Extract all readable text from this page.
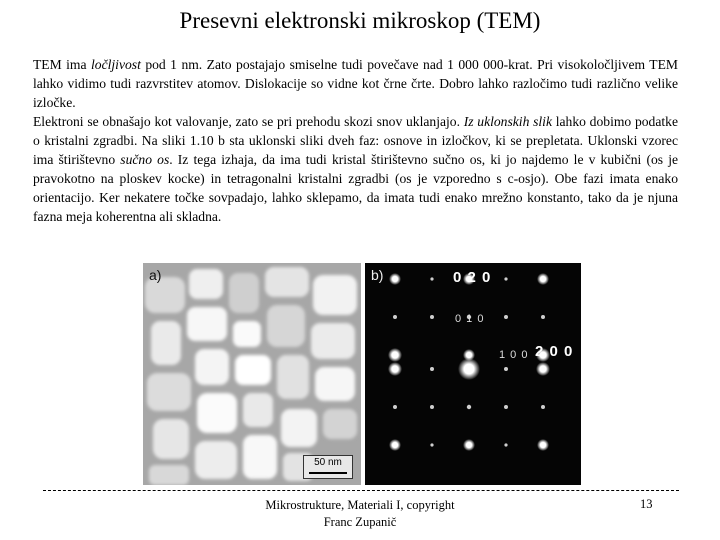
Presevni elektronski mikroskop (TEM)

TEM ima ločljivost pod 1 nm. Zato postajajo smiselne tudi povečave nad 1 000 000-krat. Pri visokoločljivem TEM lahko vidimo tudi razvrstitev atomov. Dislokacije so vidne kot črne črte. Dobro lahko razločimo tudi različno velike izločke.

Elektroni se obnašajo kot valovanje, zato se pri prehodu skozi snov uklanjajo. Iz uklonskih slik lahko dobimo podatke o kristalni zgradbi. Na sliki 1.10 b sta uklonski sliki dveh faz: osnove in izločkov, ki se prepletata. Uklonski vzorec ima štirištevno sučno os. Iz tega izhaja, da ima tudi kristal štirištevno sučno os, ki jo najdemo le v kubični (os je pravokotno na ploskev kocke) in tetragonalni kristalni zgradbi (os je vzporedno s c-osjo). Obe fazi imata enako orientacijo. Ker nekatere točke sovpadajo, lahko sklepamo, da imata tudi enako mrežno konstanto, tako da je njuna fazna meja koherentna ali skladna.

a)
50 nm
b)	0 2 0
0 1 0
1 0 0 2 0 0
Mikrostrukture, Materiali I, copyright
Franc Zupanič
13
